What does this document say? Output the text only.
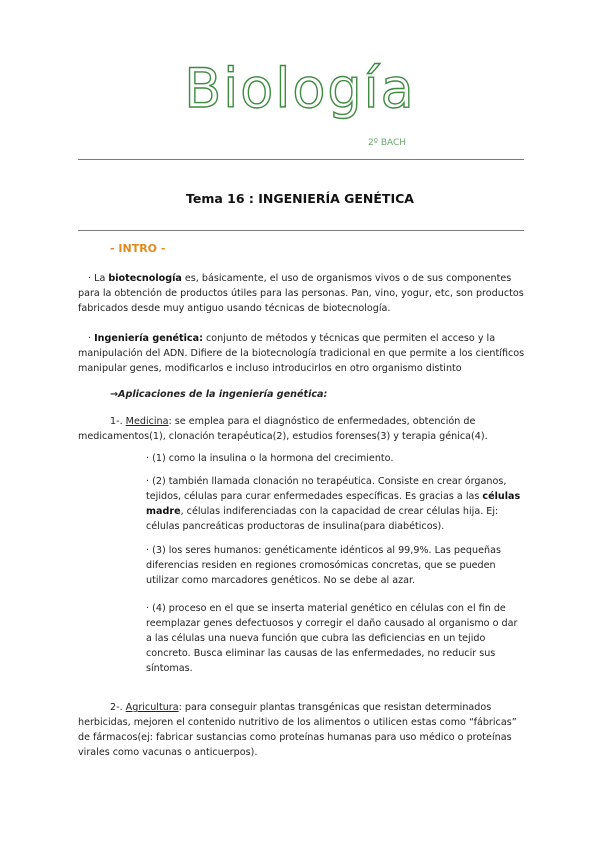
Biología
2º BACH
Tema 16 : INGENIERÍA GENÉTICA
- INTRO -
· La biotecnología es, básicamente, el uso de organismos vivos o de sus componentes para la obtención de productos útiles para las personas. Pan, vino, yogur, etc, son productos fabricados desde muy antiguo usando técnicas de biotecnología.
· Ingeniería genética: conjunto de métodos y técnicas que permiten el acceso y la manipulación del ADN. Difiere de la biotecnología tradicional en que permite a los científicos manipular genes, modificarlos e incluso introducirlos en otro organismo distinto
→Aplicaciones de la ingeniería genética:
1-. Medicina: se emplea para el diagnóstico de enfermedades, obtención de medicamentos(1), clonación terapéutica(2), estudios forenses(3) y terapia génica(4).
· (1) como la insulina o la hormona del crecimiento.
· (2) también llamada clonación no terapéutica. Consiste en crear órganos, tejidos, células para curar enfermedades específicas. Es gracias a las células madre, células indiferenciadas con la capacidad de crear células hija. Ej: células pancreáticas productoras de insulina(para diabéticos).
· (3) los seres humanos: genéticamente idénticos al 99,9%. Las pequeñas diferencias residen en regiones cromosómicas concretas, que se pueden utilizar como marcadores genéticos. No se debe al azar.
· (4) proceso en el que se inserta material genético en células con el fin de reemplazar genes defectuosos y corregir el daño causado al organismo o dar a las células una nueva función que cubra las deficiencias en un tejido concreto. Busca eliminar las causas de las enfermedades, no reducir sus síntomas.
2-. Agricultura: para conseguir plantas transgénicas que resistan determinados herbicidas, mejoren el contenido nutritivo de los alimentos o utilicen estas como “fábricas” de fármacos(ej: fabricar sustancias como proteínas humanas para uso médico o proteínas virales como vacunas o anticuerpos).
